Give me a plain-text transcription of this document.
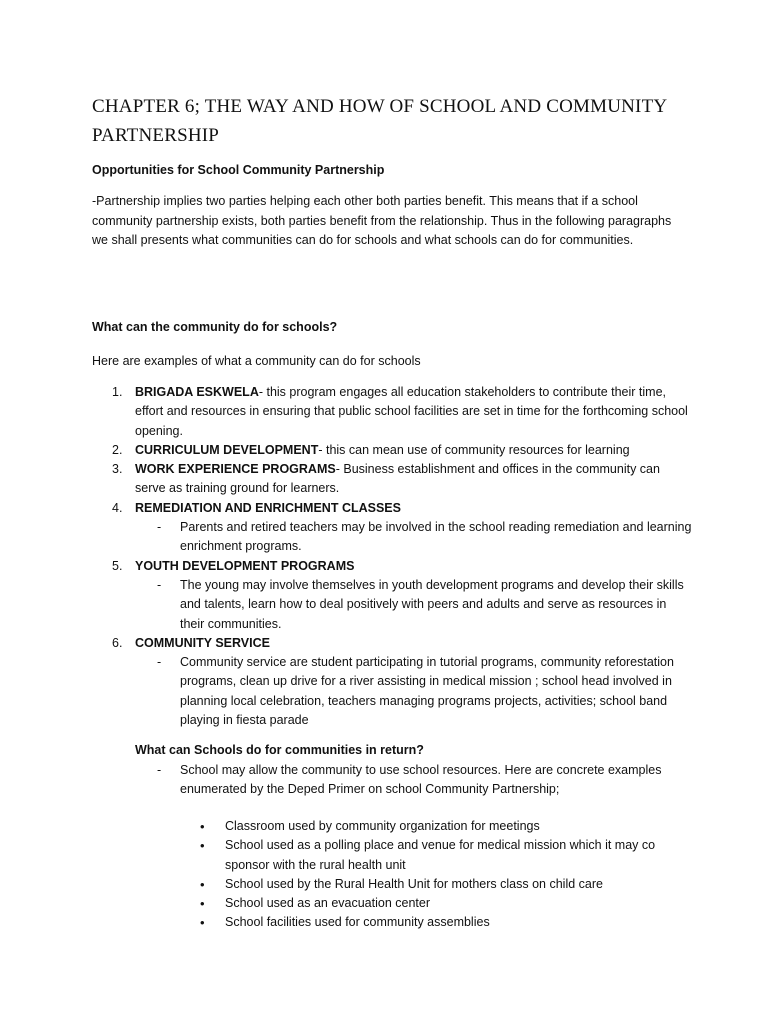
CHAPTER 6; THE WAY AND HOW OF SCHOOL AND COMMUNITY PARTNERSHIP
Opportunities for School Community Partnership
-Partnership implies two parties helping each other both parties benefit. This means that if a school community partnership exists, both parties benefit from the relationship. Thus in the following paragraphs we shall presents what communities can do for schools and what schools can do for communities.
What can the community do for schools?
Here are examples of what a community can do for schools
1. BRIGADA ESKWELA- this program engages all education stakeholders to contribute their time, effort and resources in ensuring that public school facilities are set in time for the forthcoming school opening.
2. CURRICULUM DEVELOPMENT- this can mean use of community resources for learning
3. WORK EXPERIENCE PROGRAMS- Business establishment and offices in the community can serve as training ground for learners.
4. REMEDIATION AND ENRICHMENT CLASSES
- Parents and retired teachers may be involved in the school reading remediation and learning enrichment programs.
5. YOUTH DEVELOPMENT PROGRAMS
- The young may involve themselves in youth development programs and develop their skills and talents, learn how to deal positively with peers and adults and serve as resources in their communities.
6. COMMUNITY SERVICE
- Community service are student participating in tutorial programs, community reforestation programs, clean up drive for a river assisting in medical mission ; school head involved in planning local celebration, teachers managing programs projects, activities; school band playing in fiesta parade
What can Schools do for communities in return?
- School may allow the community to use school resources. Here are concrete examples enumerated by the Deped Primer on school Community Partnership;
• Classroom used by community organization for meetings
• School used as a polling place and venue for medical mission which it may co sponsor with the rural health unit
• School used by the Rural Health Unit for mothers class on child care
• School used as an evacuation center
• School facilities used for community assemblies
